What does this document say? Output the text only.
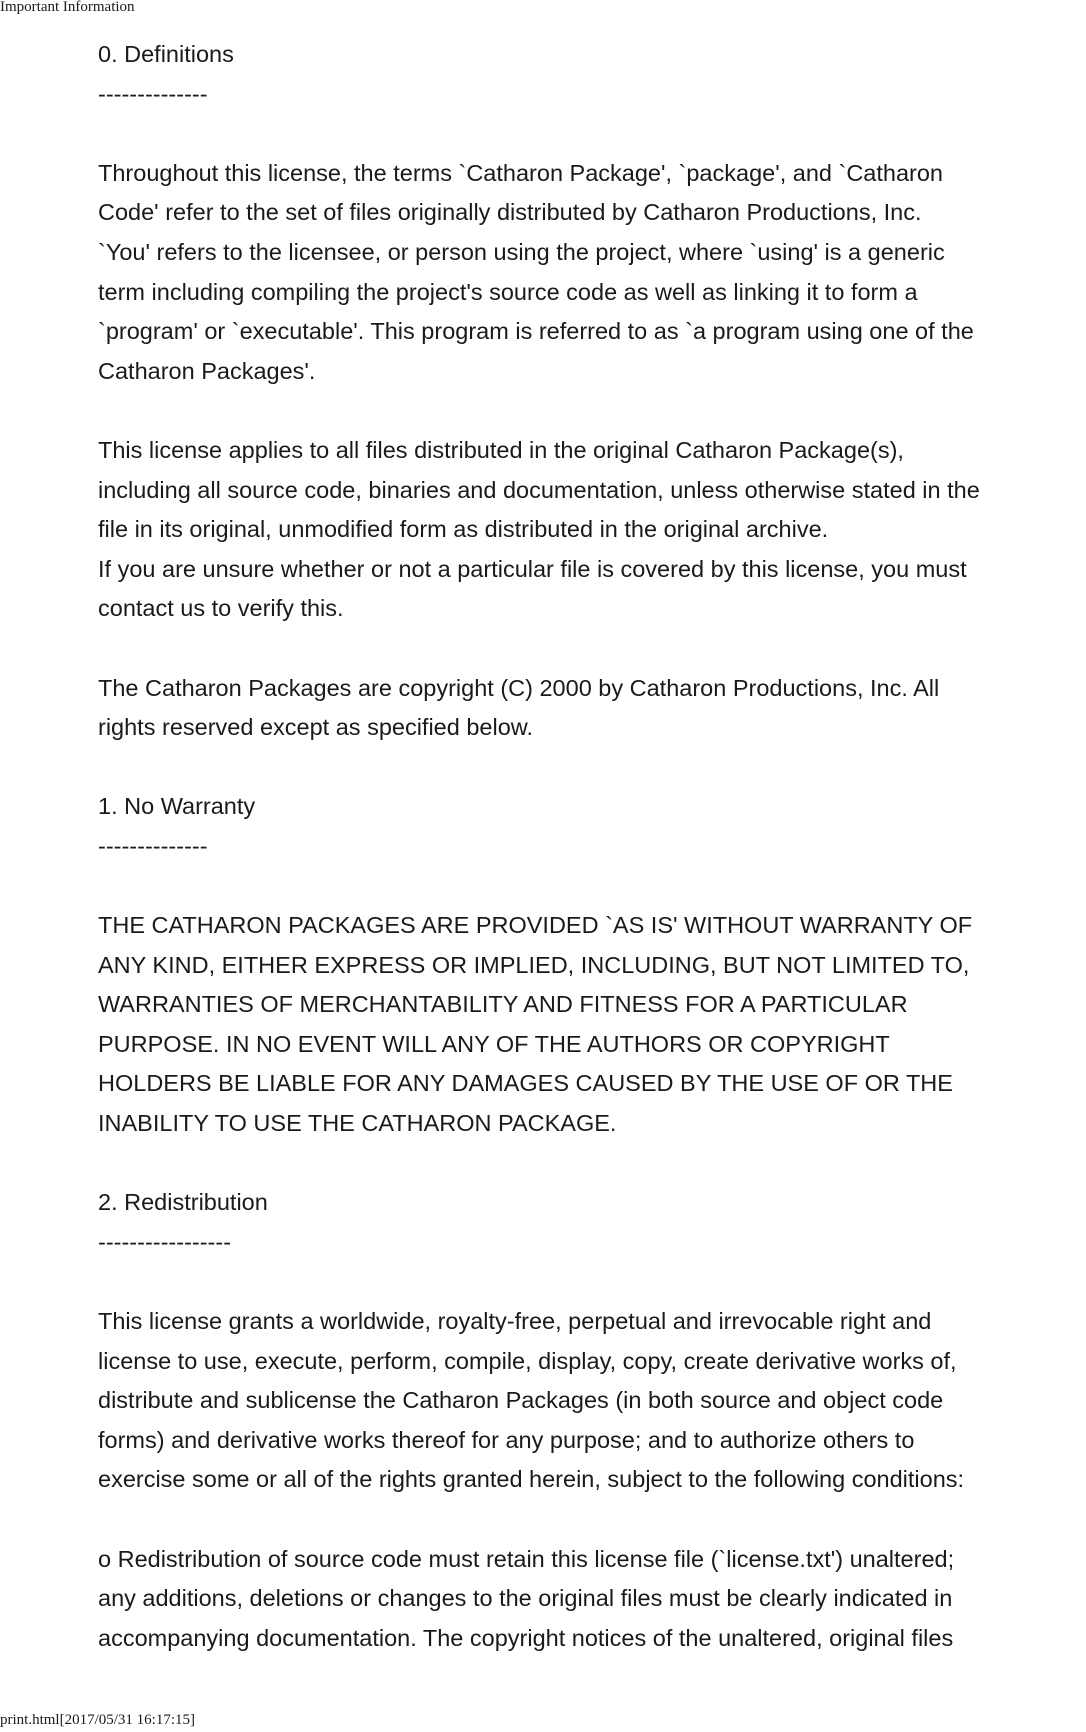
Important Information
0. Definitions
--------------
Throughout this license, the terms `Catharon Package', `package', and `Catharon
Code' refer to the set of files originally distributed by Catharon Productions, Inc.
`You' refers to the licensee, or person using the project, where `using' is a generic
term including compiling the project's source code as well as linking it to form a
`program' or `executable'. This program is referred to as `a program using one of the
Catharon Packages'.
This license applies to all files distributed in the original Catharon Package(s),
including all source code, binaries and documentation, unless otherwise stated in the
file in its original, unmodified form as distributed in the original archive.
If you are unsure whether or not a particular file is covered by this license, you must
contact us to verify this.
The Catharon Packages are copyright (C) 2000 by Catharon Productions, Inc. All
rights reserved except as specified below.
1. No Warranty
--------------
THE CATHARON PACKAGES ARE PROVIDED `AS IS' WITHOUT WARRANTY OF
ANY KIND, EITHER EXPRESS OR IMPLIED, INCLUDING, BUT NOT LIMITED TO,
WARRANTIES OF MERCHANTABILITY AND FITNESS FOR A PARTICULAR
PURPOSE. IN NO EVENT WILL ANY OF THE AUTHORS OR COPYRIGHT
HOLDERS BE LIABLE FOR ANY DAMAGES CAUSED BY THE USE OF OR THE
INABILITY TO USE THE CATHARON PACKAGE.
2. Redistribution
-----------------
This license grants a worldwide, royalty-free, perpetual and irrevocable right and
license to use, execute, perform, compile, display, copy, create derivative works of,
distribute and sublicense the Catharon Packages (in both source and object code
forms) and derivative works thereof for any purpose; and to authorize others to
exercise some or all of the rights granted herein, subject to the following conditions:
o Redistribution of source code must retain this license file (`license.txt') unaltered;
any additions, deletions or changes to the original files must be clearly indicated in
accompanying documentation. The copyright notices of the unaltered, original files
print.html[2017/05/31 16:17:15]
